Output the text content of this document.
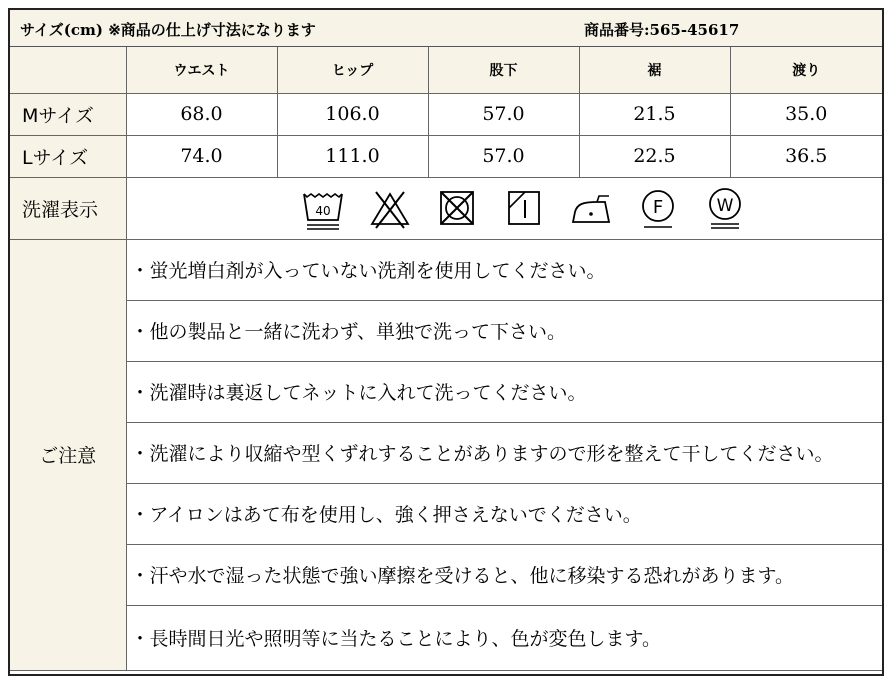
サイズ(cm) ※商品の仕上げ寸法になります	商品番号:565-45617
	ウエスト	ヒップ	股下	裾	渡り
Mサイズ	68.0	106.0	57.0	21.5	35.0
Lサイズ	74.0	111.0	57.0	22.5	36.5
洗濯表示	40 F W				

ご注意	・蛍光増白剤が入っていない洗剤を使用してください。				
	・他の製品と一緒に洗わず、単独で洗って下さい。				
	・洗濯時は裏返してネットに入れて洗ってください。				
	・洗濯により収縮や型くずれすることがありますので形を整えて干してください。				
	・アイロンはあて布を使用し、強く押さえないでください。				
	・汗や水で湿った状態で強い摩擦を受けると、他に移染する恐れがあります。				
	・長時間日光や照明等に当たることにより、色が変色します。				
